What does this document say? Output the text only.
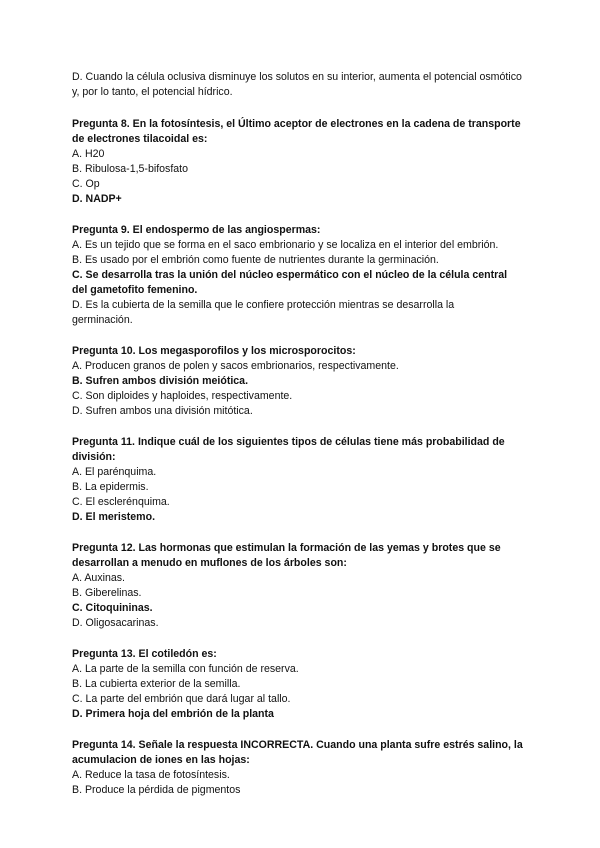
D. Cuando la célula oclusiva disminuye los solutos en su interior, aumenta el potencial osmótico y, por lo tanto, el potencial hídrico.
Pregunta 8. En la fotosíntesis, el Último aceptor de electrones en la cadena de transporte de electrones tilacoidal es:
A. H20
B. Ribulosa-1,5-bifosfato
C. Op
D. NADP+
Pregunta 9. El endospermo de las angiospermas:
A. Es un tejido que se forma en el saco embrionario y se localiza en el interior del embrión.
B. Es usado por el embrión como fuente de nutrientes durante la germinación.
C. Se desarrolla tras la unión del núcleo espermático con el núcleo de la célula central del gametofito femenino.
D. Es la cubierta de la semilla que le confiere protección mientras se desarrolla la germinación.
Pregunta 10. Los megasporofilos y los microsporocitos:
A. Producen granos de polen y sacos embrionarios, respectivamente.
B. Sufren ambos división meiótica.
C. Son diploides y haploides, respectivamente.
D. Sufren ambos una división mitótica.
Pregunta 11. Indique cuál de los siguientes tipos de células tiene más probabilidad de división:
A. El parénquima.
B. La epidermis.
C. El esclerénquima.
D. El meristemo.
Pregunta 12. Las hormonas que estimulan la formación de las yemas y brotes que se desarrollan a menudo en muflones de los árboles son:
A. Auxinas.
B. Giberelinas.
C. Citoquininas.
D. Oligosacarinas.
Pregunta 13. El cotiledón es:
A. La parte de la semilla con función de reserva.
B. La cubierta exterior de la semilla.
C. La parte del embrión que dará lugar al tallo.
D. Primera hoja del embrión de la planta
Pregunta 14. Señale la respuesta INCORRECTA. Cuando una planta sufre estrés salino, la acumulacion de iones en las hojas:
A. Reduce la tasa de fotosíntesis.
B. Produce la pérdida de pigmentos
